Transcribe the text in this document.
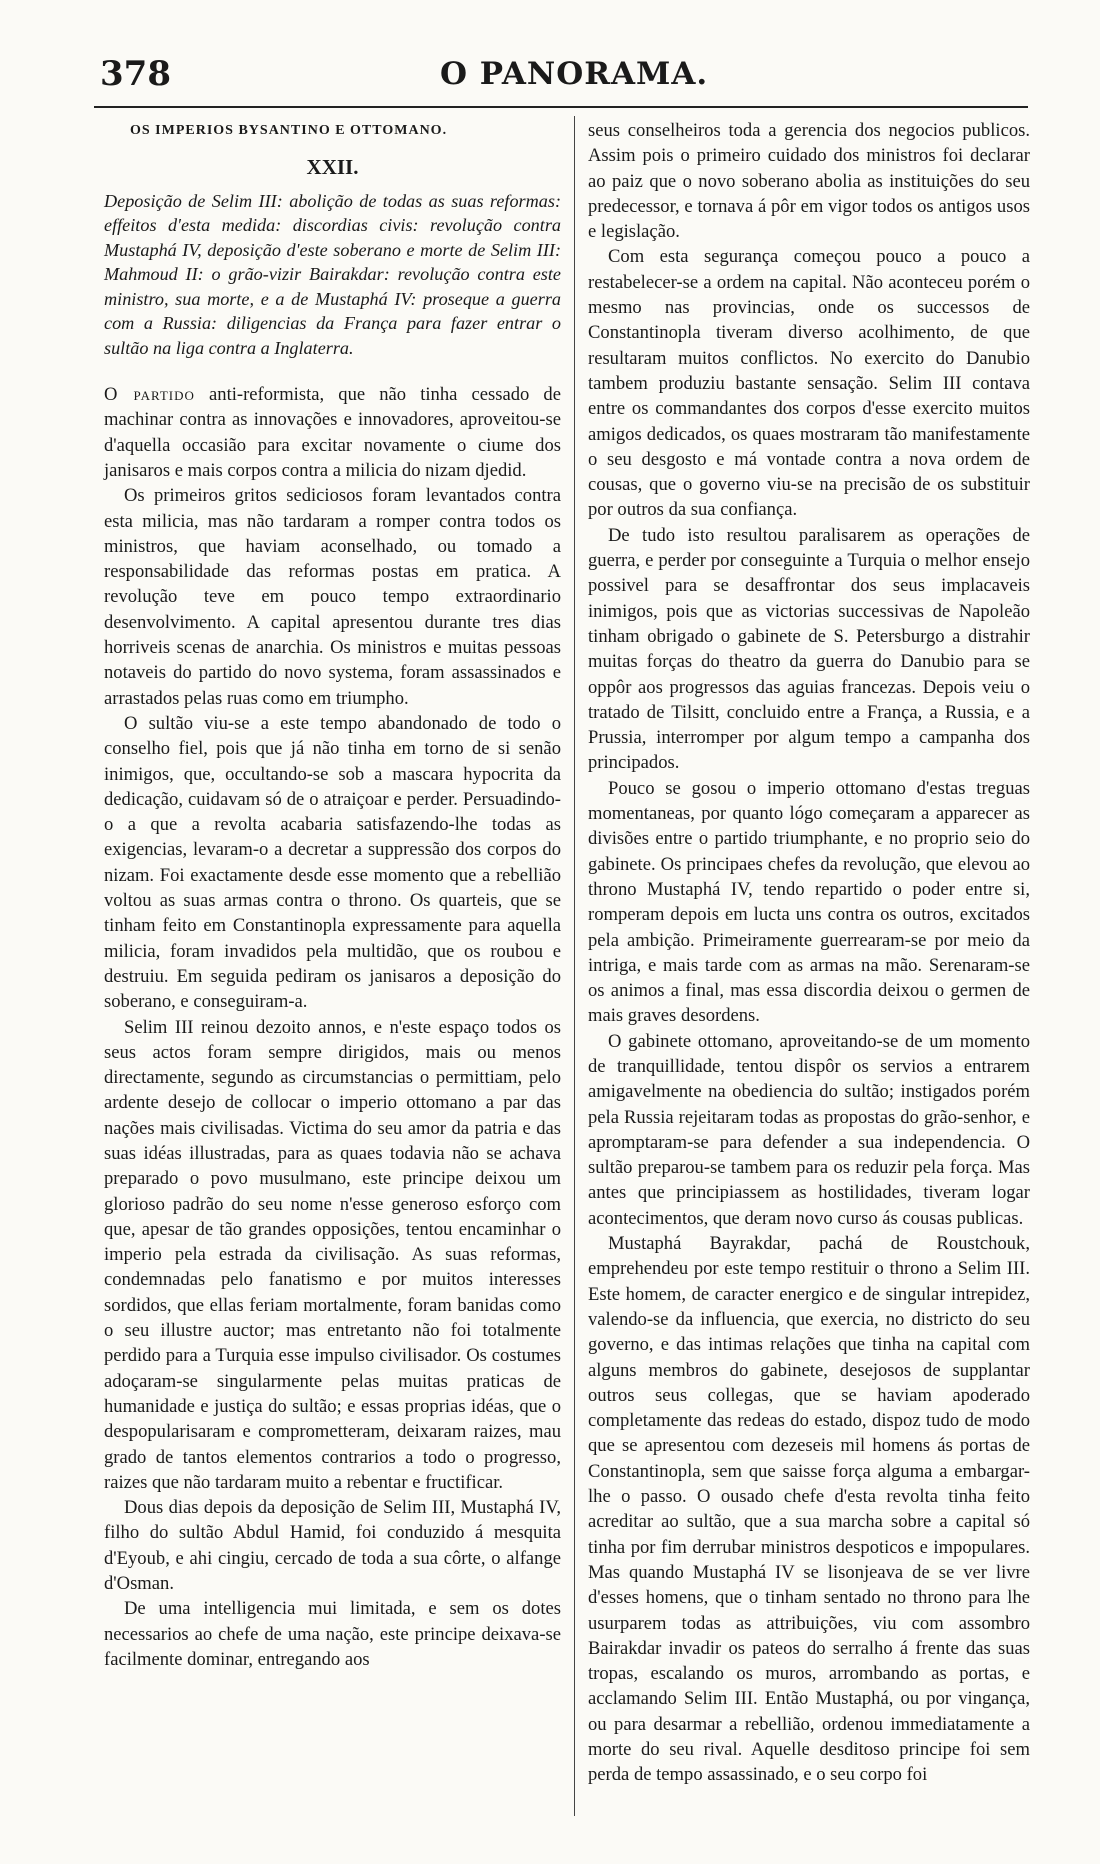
378	O PANORAMA.

OS IMPERIOS BYSANTINO E OTTOMANO.

XXII.

Deposição de Selim III: abolição de todas as suas reformas: effeitos d'esta medida: discordias civis: revolução contra Mustaphá IV, deposição d'este soberano e morte de Selim III: Mahmoud II: o grão-vizir Bairakdar: revolução contra este ministro, sua morte, e a de Mustaphá IV: proseque a guerra com a Russia: diligencias da França para fazer entrar o sultão na liga contra a Inglaterra.

O partido anti-reformista, que não tinha cessado de machinar contra as innovações e innovadores, aproveitou-se d'aquella occasião para excitar novamente o ciume dos janisaros e mais corpos contra a milicia do nizam djedid.

Os primeiros gritos sediciosos foram levantados contra esta milicia, mas não tardaram a romper contra todos os ministros, que haviam aconselhado, ou tomado a responsabilidade das reformas postas em pratica. A revolução teve em pouco tempo extraordinario desenvolvimento. A capital apresentou durante tres dias horriveis scenas de anarchia. Os ministros e muitas pessoas notaveis do partido do novo systema, foram assassinados e arrastados pelas ruas como em triumpho.

O sultão viu-se a este tempo abandonado de todo o conselho fiel, pois que já não tinha em torno de si senão inimigos, que, occultando-se sob a mascara hypocrita da dedicação, cuidavam só de o atraiçoar e perder. Persuadindo-o a que a revolta acabaria satisfazendo-lhe todas as exigencias, levaram-o a decretar a suppressão dos corpos do nizam. Foi exactamente desde esse momento que a rebellião voltou as suas armas contra o throno. Os quarteis, que se tinham feito em Constantinopla expressamente para aquella milicia, foram invadidos pela multidão, que os roubou e destruiu. Em seguida pediram os janisaros a deposição do soberano, e conseguiram-a.

Selim III reinou dezoito annos, e n'este espaço todos os seus actos foram sempre dirigidos, mais ou menos directamente, segundo as circumstancias o permittiam, pelo ardente desejo de collocar o imperio ottomano a par das nações mais civilisadas. Victima do seu amor da patria e das suas idéas illustradas, para as quaes todavia não se achava preparado o povo musulmano, este principe deixou um glorioso padrão do seu nome n'esse generoso esforço com que, apesar de tão grandes opposições, tentou encaminhar o imperio pela estrada da civilisação. As suas reformas, condemnadas pelo fanatismo e por muitos interesses sordidos, que ellas feriam mortalmente, foram banidas como o seu illustre auctor; mas entretanto não foi totalmente perdido para a Turquia esse impulso civilisador. Os costumes adoçaram-se singularmente pelas muitas praticas de humanidade e justiça do sultão; e essas proprias idéas, que o despopularisaram e comprometteram, deixaram raizes, mau grado de tantos elementos contrarios a todo o progresso, raizes que não tardaram muito a rebentar e fructificar.

Dous dias depois da deposição de Selim III, Mustaphá IV, filho do sultão Abdul Hamid, foi conduzido á mesquita d'Eyoub, e ahi cingiu, cercado de toda a sua côrte, o alfange d'Osman.

De uma intelligencia mui limitada, e sem os dotes necessarios ao chefe de uma nação, este principe deixava-se facilmente dominar, entregando aos

seus conselheiros toda a gerencia dos negocios publicos. Assim pois o primeiro cuidado dos ministros foi declarar ao paiz que o novo soberano abolia as instituições do seu predecessor, e tornava á pôr em vigor todos os antigos usos e legislação.

Com esta segurança começou pouco a pouco a restabelecer-se a ordem na capital. Não aconteceu porém o mesmo nas provincias, onde os successos de Constantinopla tiveram diverso acolhimento, de que resultaram muitos conflictos. No exercito do Danubio tambem produziu bastante sensação. Selim III contava entre os commandantes dos corpos d'esse exercito muitos amigos dedicados, os quaes mostraram tão manifestamente o seu desgosto e má vontade contra a nova ordem de cousas, que o governo viu-se na precisão de os substituir por outros da sua confiança.

De tudo isto resultou paralisarem as operações de guerra, e perder por conseguinte a Turquia o melhor ensejo possivel para se desaffrontar dos seus implacaveis inimigos, pois que as victorias successivas de Napoleão tinham obrigado o gabinete de S. Petersburgo a distrahir muitas forças do theatro da guerra do Danubio para se oppôr aos progressos das aguias francezas. Depois veiu o tratado de Tilsitt, concluido entre a França, a Russia, e a Prussia, interromper por algum tempo a campanha dos principados.

Pouco se gosou o imperio ottomano d'estas treguas momentaneas, por quanto lógo começaram a apparecer as divisões entre o partido triumphante, e no proprio seio do gabinete. Os principaes chefes da revolução, que elevou ao throno Mustaphá IV, tendo repartido o poder entre si, romperam depois em lucta uns contra os outros, excitados pela ambição. Primeiramente guerrearam-se por meio da intriga, e mais tarde com as armas na mão. Serenaram-se os animos a final, mas essa discordia deixou o germen de mais graves desordens.

O gabinete ottomano, aproveitando-se de um momento de tranquillidade, tentou dispôr os servios a entrarem amigavelmente na obediencia do sultão; instigados porém pela Russia rejeitaram todas as propostas do grão-senhor, e apromptaram-se para defender a sua independencia. O sultão preparou-se tambem para os reduzir pela força. Mas antes que principiassem as hostilidades, tiveram logar acontecimentos, que deram novo curso ás cousas publicas.

Mustaphá Bayrakdar, pachá de Roustchouk, emprehendeu por este tempo restituir o throno a Selim III. Este homem, de caracter energico e de singular intrepidez, valendo-se da influencia, que exercia, no districto do seu governo, e das intimas relações que tinha na capital com alguns membros do gabinete, desejosos de supplantar outros seus collegas, que se haviam apoderado completamente das redeas do estado, dispoz tudo de modo que se apresentou com dezeseis mil homens ás portas de Constantinopla, sem que saisse força alguma a embargar-lhe o passo. O ousado chefe d'esta revolta tinha feito acreditar ao sultão, que a sua marcha sobre a capital só tinha por fim derrubar ministros despoticos e impopulares. Mas quando Mustaphá IV se lisonjeava de se ver livre d'esses homens, que o tinham sentado no throno para lhe usurparem todas as attribuições, viu com assombro Bairakdar invadir os pateos do serralho á frente das suas tropas, escalando os muros, arrombando as portas, e acclamando Selim III. Então Mustaphá, ou por vingança, ou para desarmar a rebellião, ordenou immediatamente a morte do seu rival. Aquelle desditoso principe foi sem perda de tempo assassinado, e o seu corpo foi
